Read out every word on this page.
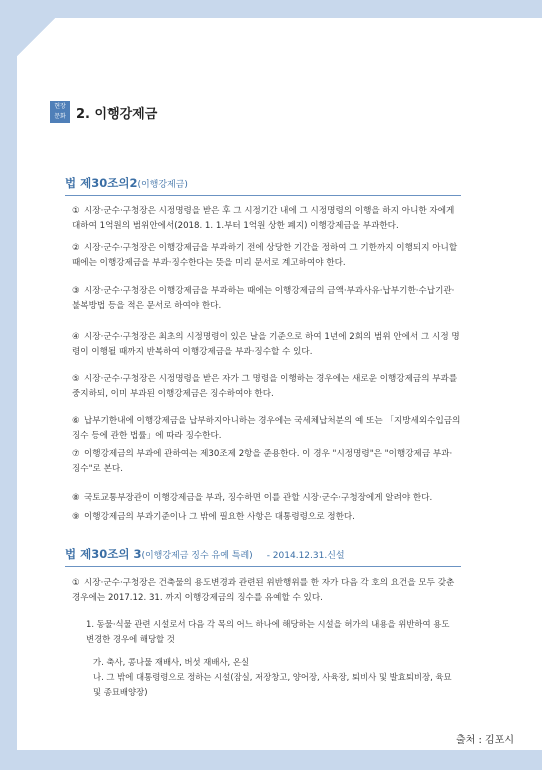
현장
문화 2. 이행강제금
법 제30조의2(이행강제금)
① 시장·군수·구청장은 시정명령을 받은 후 그 시정기간 내에 그 시정명령의 이행을 하지 아니한 자에게 대하여 1억원의 범위안에서(2018. 1. 1.부터 1억원 상한 폐지) 이행강제금을 부과한다.
② 시장·군수·구청장은 이행강제금을 부과하기 전에 상당한 기간을 정하여 그 기한까지 이행되지 아니할 때에는 이행강제금을 부과·징수한다는 뜻을 미리 문서로 계고하여야 한다.
③ 시장·군수·구청장은 이행강제금을 부과하는 때에는 이행강제금의 금액·부과사유·납부기한·수납기관· 불복방법 등을 적은 문서로 하여야 한다.
④ 시장·군수·구청장은 최초의 시정명령이 있은 날을 기준으로 하여 1년에 2회의 범위 안에서 그 시정 명령이 이행될 때까지 반복하여 이행강제금을 부과·징수할 수 있다.
⑤ 시장·군수·구청장은 시정명령을 받은 자가 그 명령을 이행하는 경우에는 새로운 이행강제금의 부과를 중지하되, 이미 부과된 이행강제금은 징수하여야 한다.
⑥ 납부기한내에 이행강제금을 납부하지아니하는 경우에는 국세체납처분의 예 또는 「지방세외수입금의 징수 등에 관한 법률」에 따라 징수한다.
⑦ 이행강제금의 부과에 관하여는 제30조제 2항을 준용한다. 이 경우 "시정명령"은 "이행강제금 부과· 징수"로 본다.
⑧ 국토교통부장관이 이행강제금을 부과, 징수하면 이를 관할 시장·군수·구청장에게 알려야 한다.
⑨ 이행강제금의 부과기준이나 그 밖에 필요한 사항은 대통령령으로 정한다.
법 제30조의 3(이행강제금 징수 유예 특례) - 2014.12.31.신설
① 시장·군수·구청장은 건축물의 용도변경과 관련된 위반행위를 한 자가 다음 각 호의 요건을 모두 갖춘 경우에는 2017.12. 31. 까지 이행강제금의 징수를 유예할 수 있다.
1. 동물·식물 관련 시설로서 다음 각 목의 어느 하나에 해당하는 시설을 허가의 내용을 위반하여 용도 변경한 경우에 해당할 것
가. 축사, 콩나물 재배사, 버섯 재배사, 온실
나. 그 밖에 대통령령으로 정하는 시설(잠실, 저장창고, 양어장, 사육장, 퇴비사 및 발효퇴비장, 육묘 및 종묘배양장)
출처 : 김포시
